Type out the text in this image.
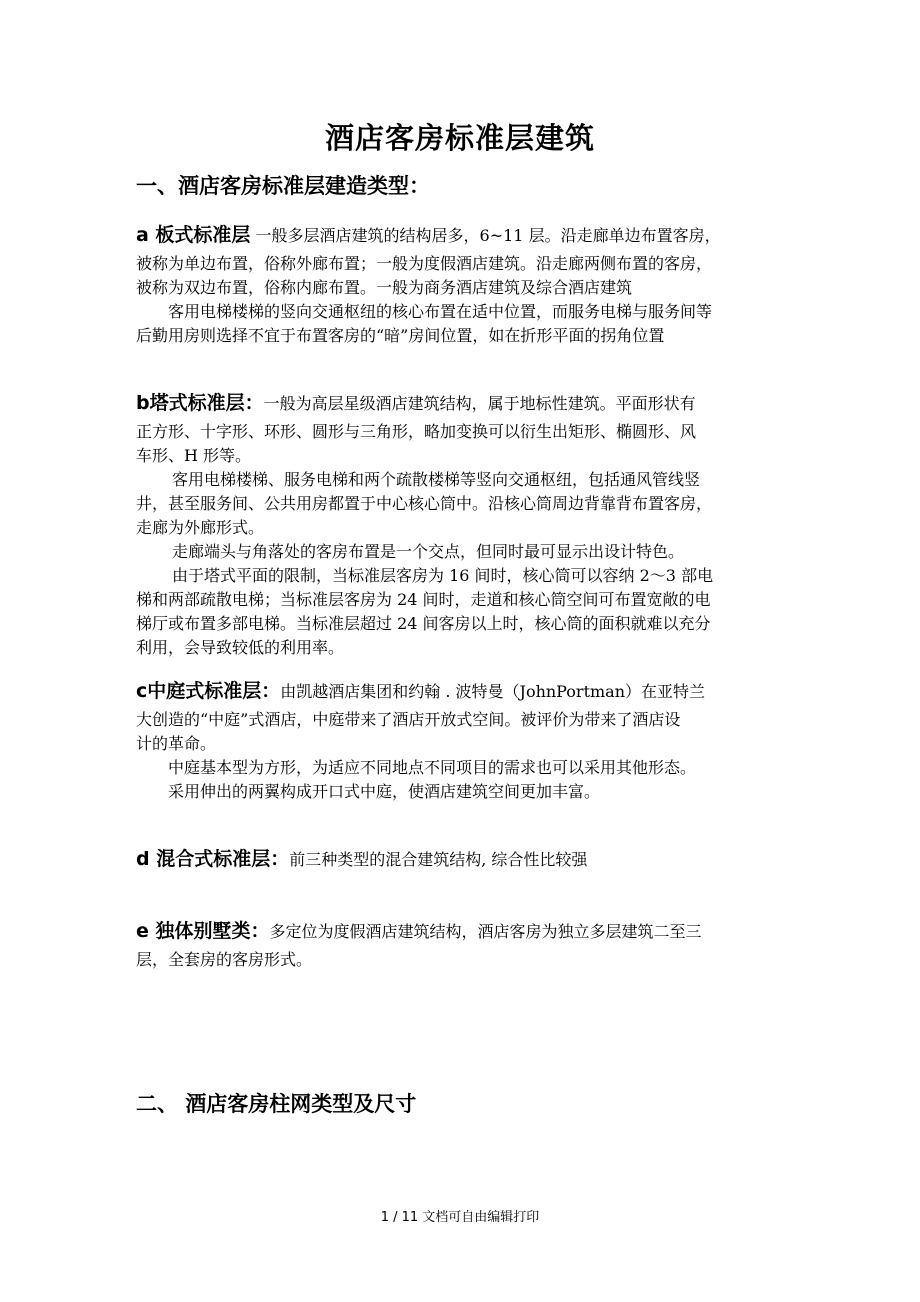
酒店客房标准层建筑
一、酒店客房标准层建造类型：
a 板式标准层 一般多层酒店建筑的结构居多，6~11 层。沿走廊单边布置客房，
被称为单边布置，俗称外廊布置；一般为度假酒店建筑。沿走廊两侧布置的客房，
被称为双边布置，俗称内廊布置。一般为商务酒店建筑及综合酒店建筑
客用电梯楼梯的竖向交通枢纽的核心布置在适中位置，而服务电梯与服务间等
后勤用房则选择不宜于布置客房的“暗”房间位置，如在折形平面的拐角位置
b塔式标准层：一般为高层星级酒店建筑结构，属于地标性建筑。平面形状有
正方形、十字形、环形、圆形与三角形，略加变换可以衍生出矩形、椭圆形、风
车形、H 形等。
客用电梯楼梯、服务电梯和两个疏散楼梯等竖向交通枢纽，包括通风管线竖
井，甚至服务间、公共用房都置于中心核心筒中。沿核心筒周边背靠背布置客房，
走廊为外廊形式。
走廊端头与角落处的客房布置是一个交点，但同时最可显示出设计特色。
由于塔式平面的限制，当标准层客房为 16 间时，核心筒可以容纳 2～3 部电
梯和两部疏散电梯；当标准层客房为 24 间时，走道和核心筒空间可布置宽敞的电
梯厅或布置多部电梯。当标准层超过 24 间客房以上时，核心筒的面积就难以充分
利用，会导致较低的利用率。
c中庭式标准层：由凯越酒店集团和约翰 . 波特曼（JohnPortman）在亚特兰
大创造的“中庭”式酒店，中庭带来了酒店开放式空间。被评价为带来了酒店设
计的革命。
中庭基本型为方形，为适应不同地点不同项目的需求也可以采用其他形态。
采用伸出的两翼构成开口式中庭，使酒店建筑空间更加丰富。
d 混合式标准层：前三种类型的混合建筑结构, 综合性比较强
e 独体别墅类：多定位为度假酒店建筑结构，酒店客房为独立多层建筑二至三
层，全套房的客房形式。
二、 酒店客房柱网类型及尺寸
1 / 11 文档可自由编辑打印
